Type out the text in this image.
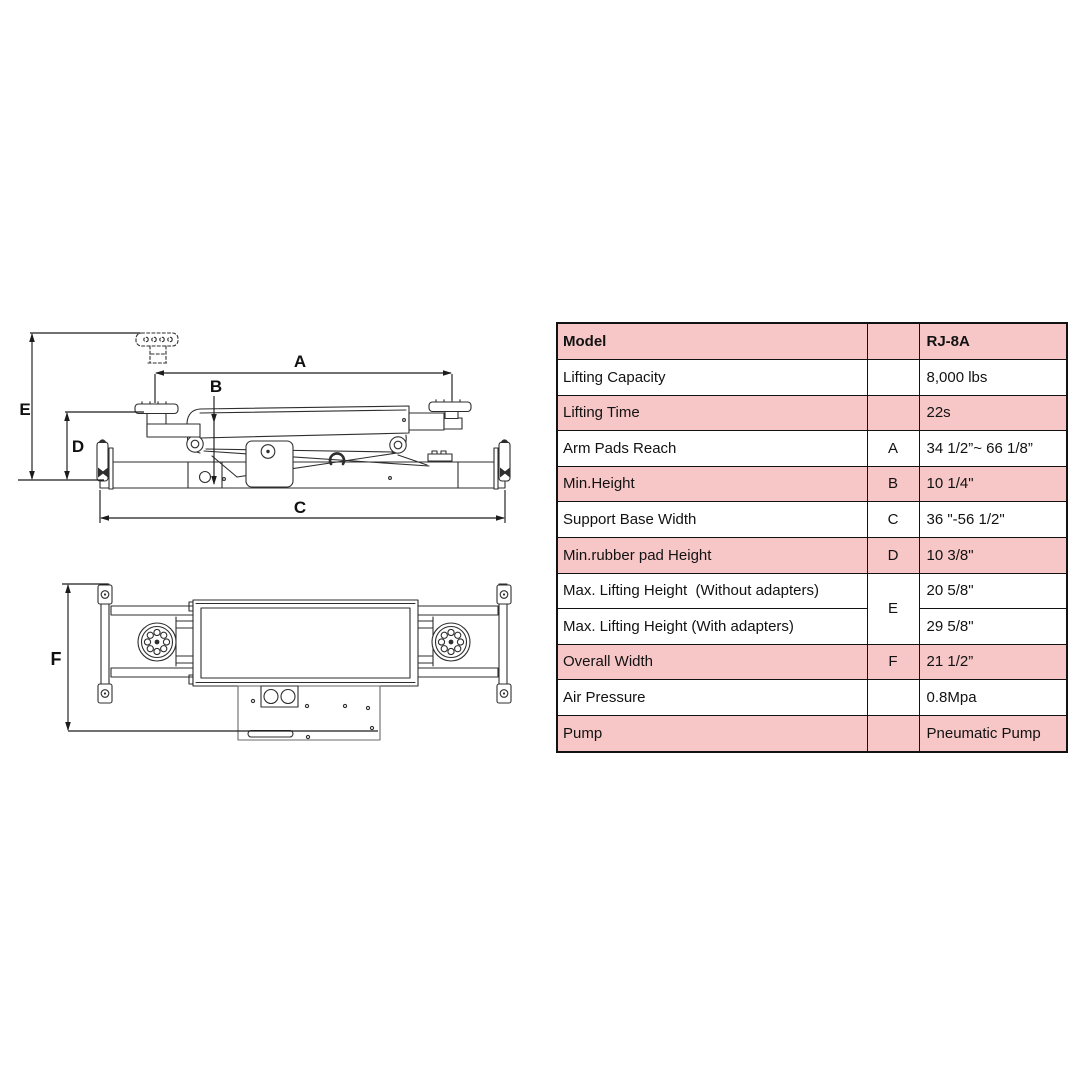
E
D
A
B
C
F
Model		RJ-8A
Lifting Capacity		8,000 lbs
Lifting Time		22s
Arm Pads Reach	A	34 1/2”~ 66 1/8”
Min.Height	B	10 1/4"
Support Base Width	C	36 "-56 1/2"
Min.rubber pad Height	D	10 3/8"
Max. Lifting Height  (Without adapters)	E	20 5/8"
Max. Lifting Height (With adapters)		29 5/8"
Overall Width	F	21 1/2”
Air Pressure		0.8Mpa
Pump		Pneumatic Pump
